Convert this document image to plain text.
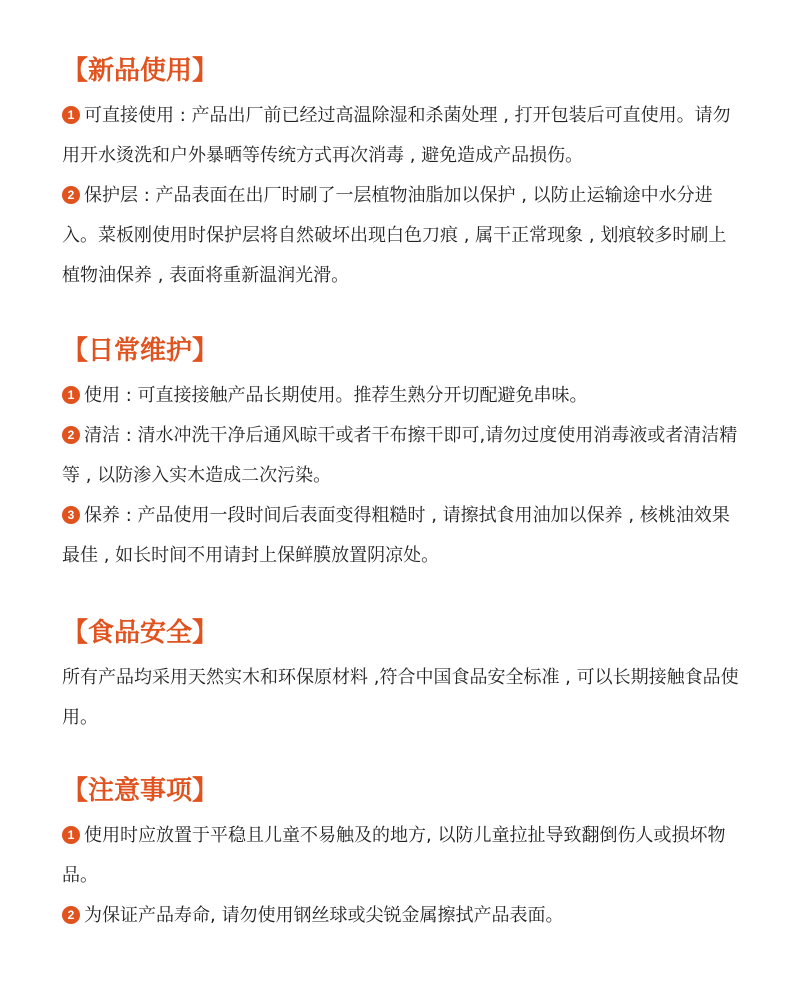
【新品使用】

1 可直接使用 : 产品出厂前已经过高温除湿和杀菌处理 , 打开包装后可直使用。请勿用开水烫洗和户外暴晒等传统方式再次消毒 , 避免造成产品损伤。

2 保护层 : 产品表面在出厂时刷了一层植物油脂加以保护 , 以防止运输途中水分进入。菜板刚使用时保护层将自然破坏出现白色刀痕 , 属干正常现象 , 划痕较多时刷上植物油保养 , 表面将重新温润光滑。

【日常维护】

1 使用 : 可直接接触产品长期使用。推荐生熟分开切配避免串味。

2 清洁 : 清水冲洗干净后通风晾干或者干布擦干即可,请勿过度使用消毒液或者清洁精等 , 以防渗入实木造成二次污染。

3 保养 : 产品使用一段时间后表面变得粗糙时 , 请擦拭食用油加以保养 , 核桃油效果最佳 , 如长时间不用请封上保鲜膜放置阴凉处。

【食品安全】

所有产品均采用天然实木和环保原材料 ,符合中国食品安全标准 , 可以长期接触食品使用。

【注意事项】

1 使用时应放置于平稳且儿童不易触及的地方, 以防儿童拉扯导致翻倒伤人或损坏物品。

2 为保证产品寿命, 请勿使用钢丝球或尖锐金属擦拭产品表面。
